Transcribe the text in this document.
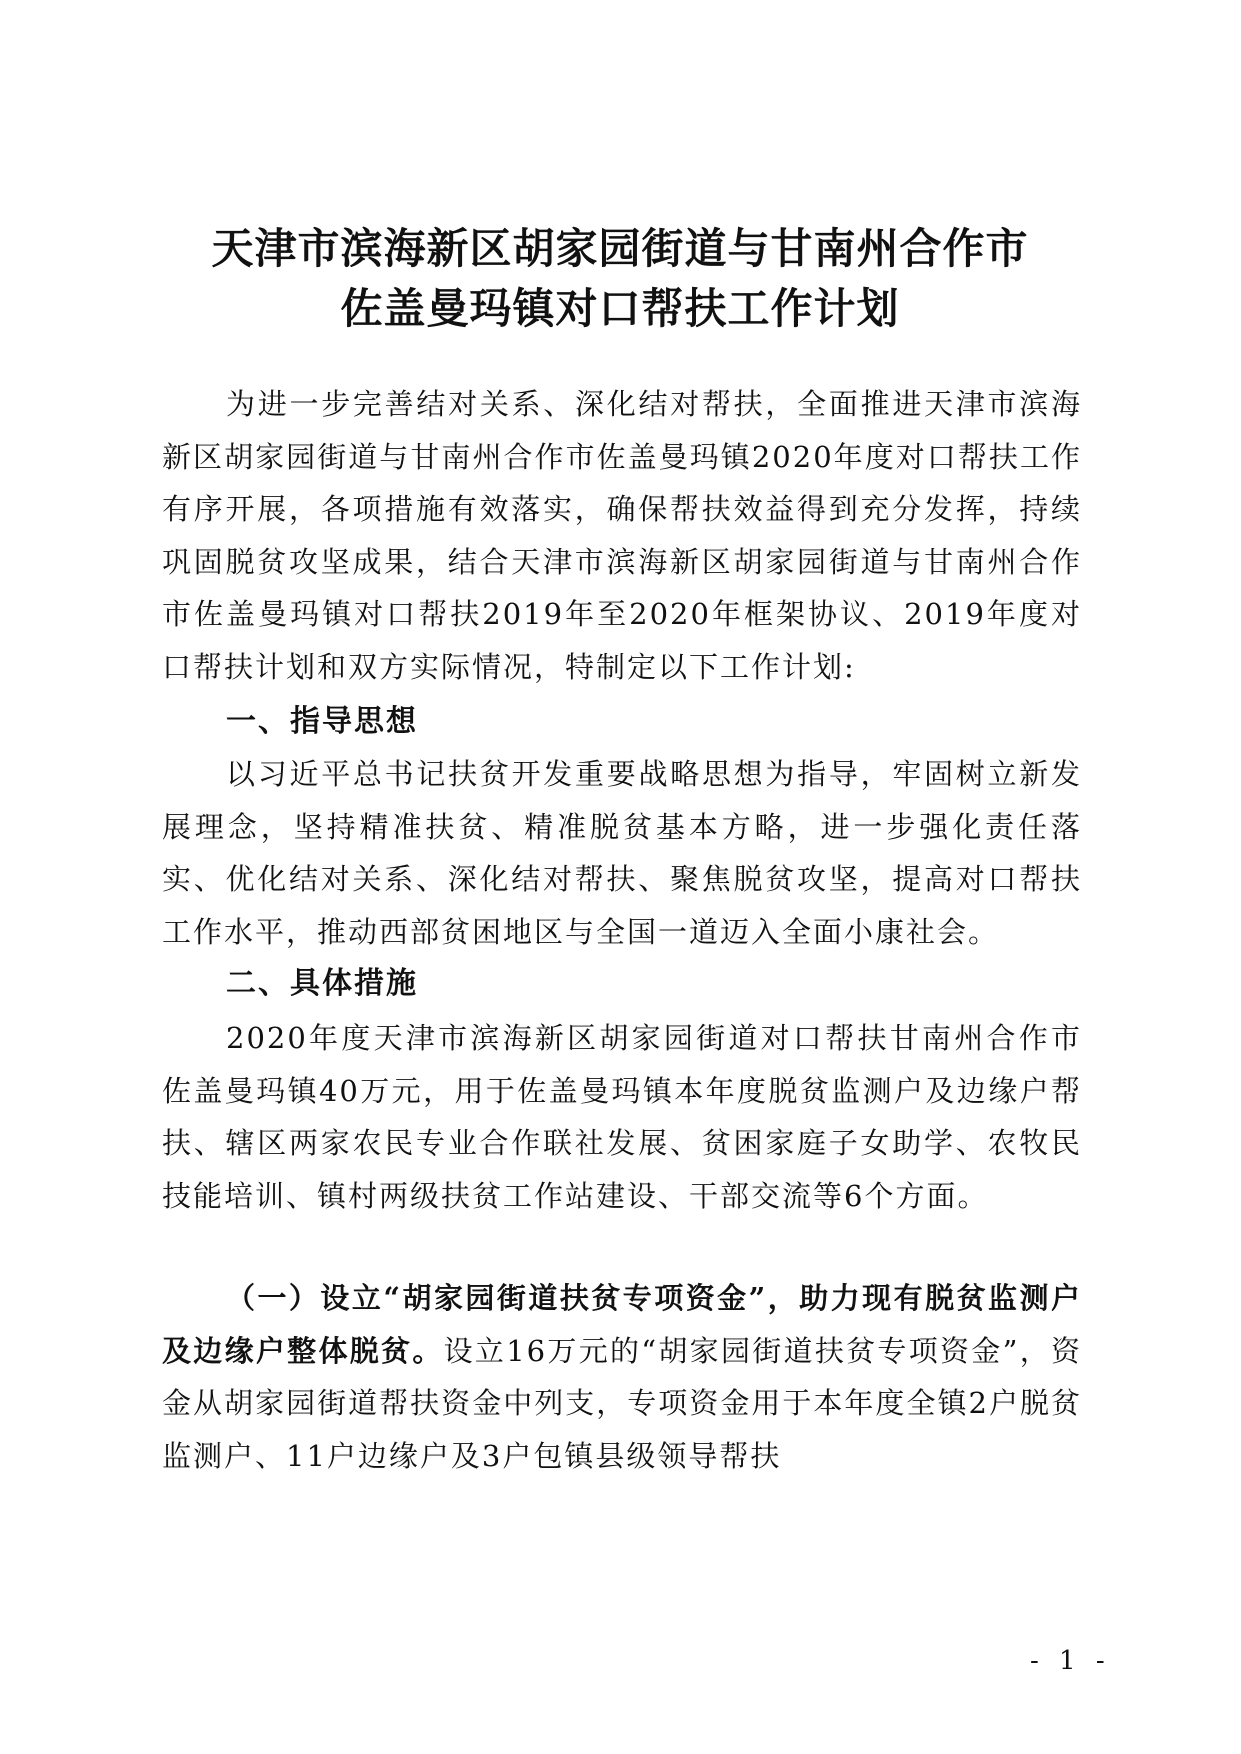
天津市滨海新区胡家园街道与甘南州合作市
佐盖曼玛镇对口帮扶工作计划
为进一步完善结对关系、深化结对帮扶，全面推进天津市滨海新区胡家园街道与甘南州合作市佐盖曼玛镇2020年度对口帮扶工作有序开展，各项措施有效落实，确保帮扶效益得到充分发挥，持续巩固脱贫攻坚成果，结合天津市滨海新区胡家园街道与甘南州合作市佐盖曼玛镇对口帮扶2019年至2020年框架协议、2019年度对口帮扶计划和双方实际情况，特制定以下工作计划:
一、指导思想
以习近平总书记扶贫开发重要战略思想为指导，牢固树立新发展理念，坚持精准扶贫、精准脱贫基本方略，进一步强化责任落实、优化结对关系、深化结对帮扶、聚焦脱贫攻坚，提高对口帮扶工作水平，推动西部贫困地区与全国一道迈入全面小康社会。
二、具体措施
2020年度天津市滨海新区胡家园街道对口帮扶甘南州合作市佐盖曼玛镇40万元，用于佐盖曼玛镇本年度脱贫监测户及边缘户帮扶、辖区两家农民专业合作联社发展、贫困家庭子女助学、农牧民技能培训、镇村两级扶贫工作站建设、干部交流等6个方面。
（一）设立“胡家园街道扶贫专项资金”，助力现有脱贫监测户及边缘户整体脱贫。设立16万元的“胡家园街道扶贫专项资金”，资金从胡家园街道帮扶资金中列支，专项资金用于本年度全镇2户脱贫监测户、11户边缘户及3户包镇县级领导帮扶
- 1 -
